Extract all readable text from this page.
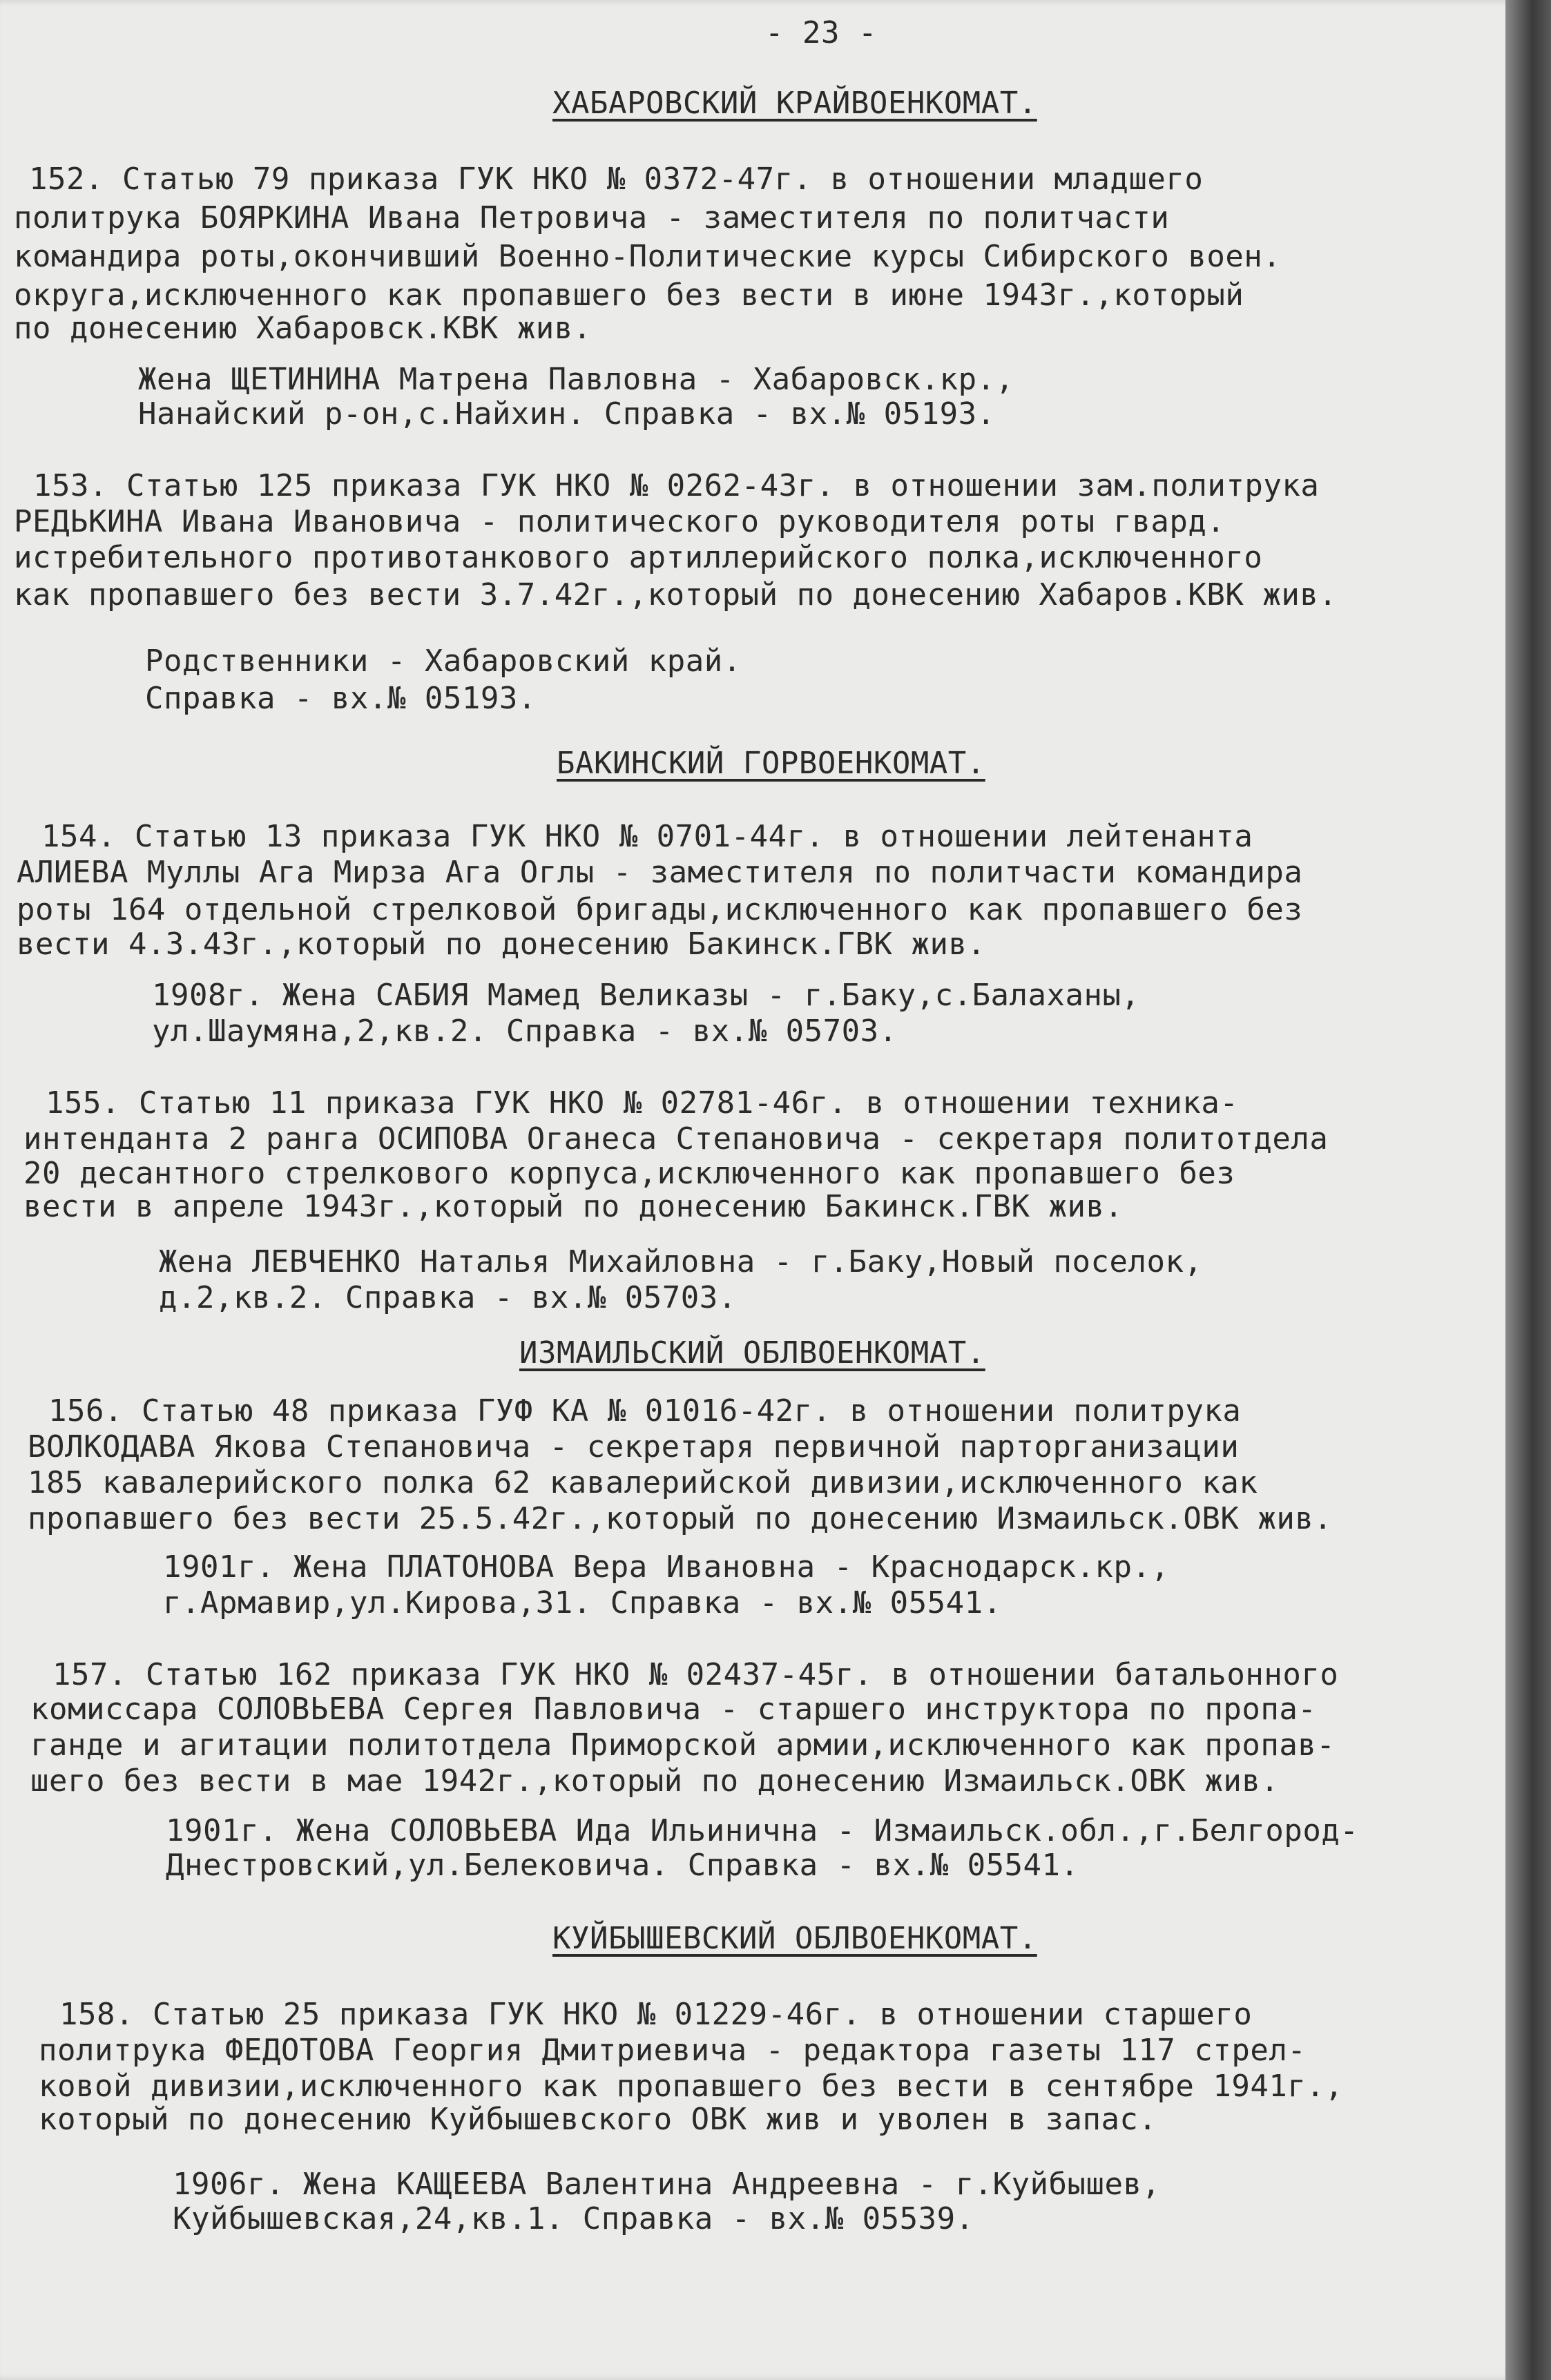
- 23 -
ХАБАРОВСКИЙ КРАЙВОЕНКОМАТ.
152. Статью 79 приказа ГУК НКО № 0372-47г. в отношении младшего
политрука БОЯРКИНА Ивана Петровича - заместителя по политчасти
командира роты,окончивший Военно-Политические курсы Сибирского воен.
округа,исключенного как пропавшего без вести в июне 1943г.,который
по донесению Хабаровск.КВК жив.
Жена ЩЕТИНИНА Матрена Павловна - Хабаровск.кр.,
Нанайский р-он,с.Найхин. Справка - вх.№ 05193.
153. Статью 125 приказа ГУК НКО № 0262-43г. в отношении зам.политрука
РЕДЬКИНА Ивана Ивановича - политического руководителя роты гвард.
истребительного противотанкового артиллерийского полка,исключенного
как пропавшего без вести 3.7.42г.,который по донесению Хабаров.КВК жив.
Родственники - Хабаровский край.
Справка - вх.№ 05193.
БАКИНСКИЙ ГОРВОЕНКОМАТ.
154. Статью 13 приказа ГУК НКО № 0701-44г. в отношении лейтенанта
АЛИЕВА Муллы Ага Мирза Ага Оглы - заместителя по политчасти командира
роты 164 отдельной стрелковой бригады,исключенного как пропавшего без
вести 4.3.43г.,который по донесению Бакинск.ГВК жив.
1908г. Жена САБИЯ Мамед Великазы - г.Баку,с.Балаханы,
ул.Шаумяна,2,кв.2. Справка - вх.№ 05703.
155. Статью 11 приказа ГУК НКО № 02781-46г. в отношении техника-
интенданта 2 ранга ОСИПОВА Оганеса Степановича - секретаря политотдела
20 десантного стрелкового корпуса,исключенного как пропавшего без
вести в апреле 1943г.,который по донесению Бакинск.ГВК жив.
Жена ЛЕВЧЕНКО Наталья Михайловна - г.Баку,Новый поселок,
д.2,кв.2. Справка - вх.№ 05703.
ИЗМАИЛЬСКИЙ ОБЛВОЕНКОМАТ.
156. Статью 48 приказа ГУФ КА № 01016-42г. в отношении политрука
ВОЛКОДАВА Якова Степановича - секретаря первичной парторганизации
185 кавалерийского полка 62 кавалерийской дивизии,исключенного как
пропавшего без вести 25.5.42г.,который по донесению Измаильск.ОВК жив.
1901г. Жена ПЛАТОНОВА Вера Ивановна - Краснодарск.кр.,
г.Армавир,ул.Кирова,31. Справка - вх.№ 05541.
157. Статью 162 приказа ГУК НКО № 02437-45г. в отношении батальонного
комиссара СОЛОВЬЕВА Сергея Павловича - старшего инструктора по пропа-
ганде и агитации политотдела Приморской армии,исключенного как пропав-
шего без вести в мае 1942г.,который по донесению Измаильск.ОВК жив.
1901г. Жена СОЛОВЬЕВА Ида Ильинична - Измаильск.обл.,г.Белгород-
Днестровский,ул.Белековича. Справка - вх.№ 05541.
КУЙБЫШЕВСКИЙ ОБЛВОЕНКОМАТ.
158. Статью 25 приказа ГУК НКО № 01229-46г. в отношении старшего
политрука ФЕДОТОВА Георгия Дмитриевича - редактора газеты 117 стрел-
ковой дивизии,исключенного как пропавшего без вести в сентябре 1941г.,
который по донесению Куйбышевского ОВК жив и уволен в запас.
1906г. Жена КАЩЕЕВА Валентина Андреевна - г.Куйбышев,
Куйбышевская,24,кв.1. Справка - вх.№ 05539.
